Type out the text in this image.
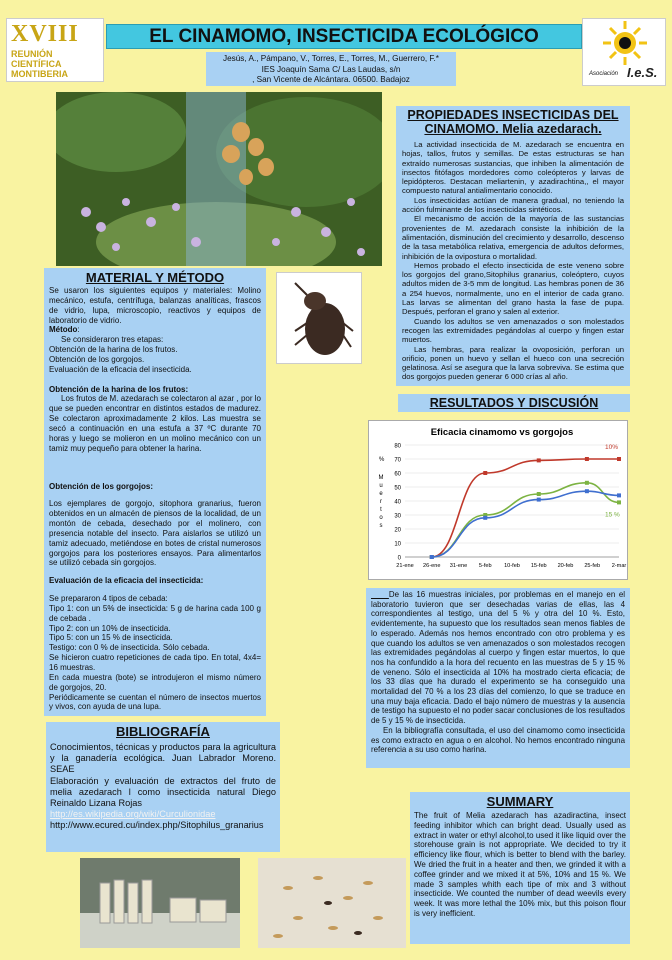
XVIII
REUNIÓN CIENTÍFICA MONTIBERIA
EL CINAMOMO, INSECTICIDA ECOLÓGICO
Jesús, A., Pámpano, V., Torres, E., Torres, M., Guerrero, F.*
IES Joaquín Sama C/ Las Laudas, s/n
, San Vicente de Alcántara. 06500. Badajoz
Asociación I.e.S.
PROPIEDADES INSECTICIDAS DEL CINAMOMO. Melia azedarach.

La actividad insecticida de M. azedarach se encuentra en hojas, tallos, frutos y semillas. De estas estructuras se han extraído numerosas sustancias, que inhiben la alimentación de insectos fitófagos mordedores como coleópteros y larvas de lepidópteros. Destacan meliartenin, y azadirachtina,, el mayor compuesto natural antialimentario conocido.

Los insecticidas actúan de manera gradual, no teniendo la acción fulminante de los insecticidas sintéticos.

El mecanismo de acción de la mayoría de las sustancias provenientes de M. azedarach consiste la inhibición de la alimentación, disminución del crecimiento y desarrollo, descenso de la tasa metabólica relativa, emergencia de adultos deformes, inhibición de la oviposturа o mortalidad.

Hemos probado el efecto insecticida de este veneno sobre los gorgojos del grano,Sitophilus granarius, coleóptero, cuyos adultos miden de 3-5 mm de longitud. Las hembras ponen de 36 a 254 huevos, normalmente, uno en el interior de cada grano. Las larvas se alimentan del grano hasta la fase de pupa. Después, perforan el grano y salen al exterior.

Cuando los adultos se ven amenazados o son molestados recogen las extremidades pegándolas al cuerpo y fingen estar muertos.

Las hembras, para realizar la ovoposición, perforan un orificio, ponen un huevo y sellan el hueco con una secreción gelatinosa. Así se asegura que la larva sobreviva. Se estima que dos gorgojos pueden generar 6 000 crías al año.

MATERIAL Y MÉTODO

Se usaron los siguientes equipos y materiales: Molino mecánico, estufa, centrífuga, balanzas analíticas, frascos de vidrio, lupa, microscopio, reactivos y equipos de laboratorio de vidrio.

Método:

Se consideraron tres etapas:

Obtención de la harina de los frutos.

Obtención de los gorgojos.

Evaluación de la eficacia del insecticida.

Obtención de la harina de los frutos:

Los frutos de M. azedarach se colectaron al azar , por lo que se pueden encontrar en distintos estados de madurez. Se colectaron aproximadamente 2 kilos. Las muestra se secó a continuación en una estufa a 37 ºC durante 70 horas y luego se molieron en un molino mecánico con un tamiz muy pequeño para obtener la harina.

Obtención de los gorgojos:

Los ejemplares de gorgojo, sitophora granarius, fueron obtenidos en un almacén de piensos de la localidad, de un montón de cebada, desechado por el molinero, con presencia notable del insecto. Para aislarlos se utilizó un tamiz adecuado, metiéndose en botes de cristal numerosos gorgojos para los posteriores ensayos. Para alimentarlos se utilizó cebada sin gorgojos.

Evaluación de la eficacia del insecticida:

Se prepararon 4 tipos de cebada:

Tipo 1: con un 5% de insecticida: 5 g de harina cada 100 g de cebada .

Tipo 2: con un 10% de insecticida.

Tipo 5: con un 15 % de insecticida.

Testigo: con 0 % de insecticida. Sólo cebada.

Se hicieron cuatro repeticiones de cada tipo. En total, 4x4= 16 muestras.

En cada muestra (bote) se introdujeron el mismo número de gorgojos, 20.

Periódicamente se cuentan el número de insectos muertos y vivos, con ayuda de una lupa.

RESULTADOS Y DISCUSIÓN
Eficacia cinamomo vs gorgojos
0
10
20
30
40
50
60
70
80
%
M
u
e
r
t
o
s
21-ene 26-ene 31-ene 5-feb 10-feb 15-feb 20-feb 25-feb 2-mar
10%
15 %

De las 16 muestras iniciales, por problemas en el manejo en el laboratorio tuvieron que ser desechadas varias de ellas, las 4 correspondientes al testigo, una del 5 % y otra del 10 %. Esto, evidentemente, ha supuesto que los resultados sean menos fiables de lo esperado. Además nos hemos encontrado con otro problema y es que cuando los adultos se ven amenazados o son molestados recogen las extremidades pegándolas al cuerpo y fingen estar muertos, lo que nos ha confundido a la hora del recuento en las muestras de 5 y 15 % de veneno. Sólo el insecticida al 10% ha mostrado cierta eficacia; de los 33 días que ha durado el experimento se ha conseguido una mortalidad del 70 % a los 23 días del comienzo, lo que se traduce en una muy baja eficacia. Dado el bajo número de muestras y la ausencia de testigo ha supuesto el no poder sacar conclusiones de los resultados de 5 y 15 % de insecticida.

En la bibliografía consultada, el uso del cinamomo como insecticida es como extracto en agua o en alcohol. No hemos encontrado ninguna referencia a su uso como harina.

BIBLIOGRAFÍA

Conocimientos, técnicas y productos para la agricultura y la ganadería ecológica. Juan Labrador Moreno. SEAE

Elaboración y evaluación de extractos del fruto de melia azedarach l como insecticida natural Diego Reinaldo Lizana Rojas

http://es.wikipedia.org/wiki/Curculionidae

http://www.ecured.cu/index.php/Sitophilus_granarius

SUMMARY
The fruit of Melia azedarach has azadiractina, insect feeding inhibitor which can bright dead. Usually used as extract in water or ethyl alcohol,to used it like liquid over the storehouse grain is not appropriate. We decided to try it efficiency like flour, which is better to blend with the barley. We dried the fruit in a heater and then, we grinded it with a coffee grinder and we mixed it at 5%, 10% and 15 %. We made 3 samples whith each tipe of mix and 3 without insecticide. We counted the number of dead weevils every week. It was more lethal the 10% mix, but this poison flour is very inefficient.
